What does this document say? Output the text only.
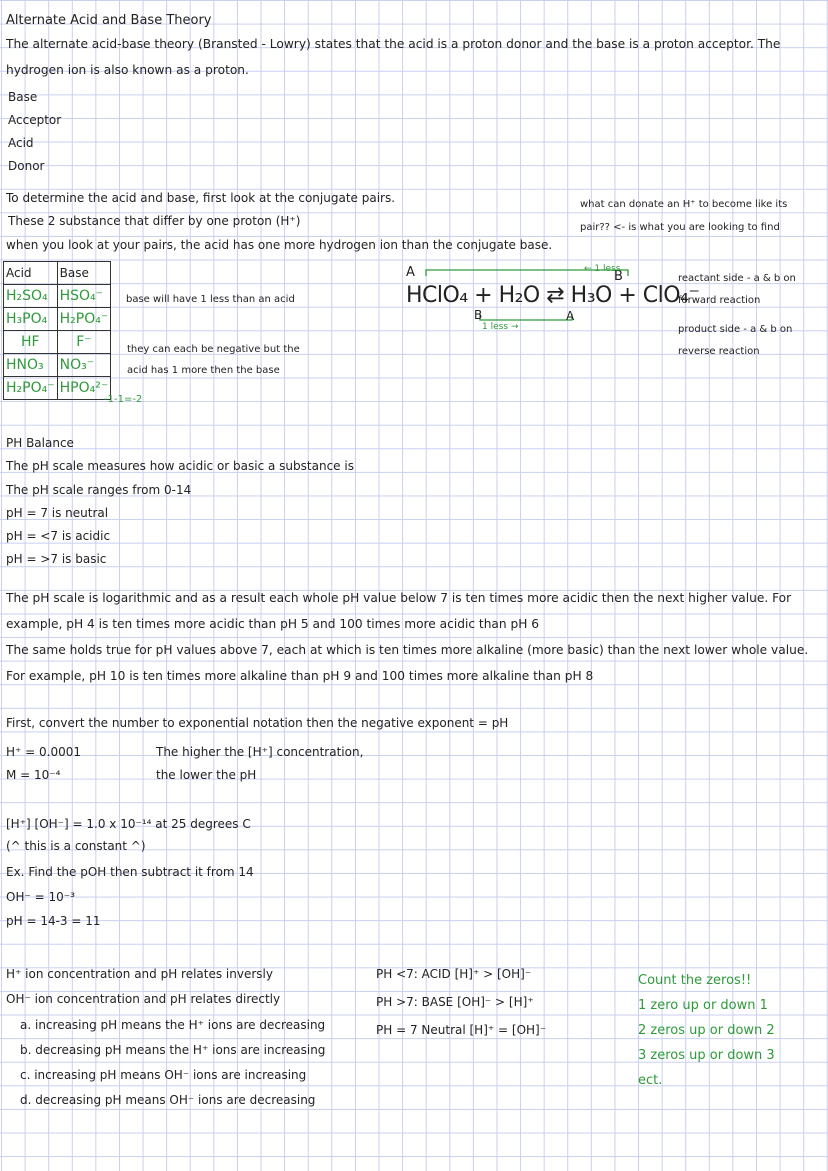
Alternate Acid and Base Theory
The alternate acid-base theory (Bransted - Lowry) states that the acid is a proton donor and the base is a proton acceptor. The hydrogen ion is also known as a proton.
Base
Acceptor
Acid
Donor
To determine the acid and base, first look at the conjugate pairs.
These 2 substance that differ by one proton (H⁺)
when you look at your pairs, the acid has one more hydrogen ion than the conjugate base.
what can donate an H⁺ to become like its
pair?? <- is what you are looking to find
Acid	Base
H₂SO₄	HSO₄⁻
H₃PO₄	H₂PO₄⁻
HF	F⁻
HNO₃	NO₃⁻
H₂PO₄⁻	HPO₄²⁻
-1-1=-2
base will have 1 less than an acid
they can each be negative but the
acid has 1 more then the base
A	B
← 1 less
HClO₄ + H₂O ⇄ H₃O + ClO₄⁻
B	A
1 less →
reactant side - a & b on
forward reaction
product side - a & b on
reverse reaction
PH Balance
The pH scale measures how acidic or basic a substance is
The pH scale ranges from 0-14
pH = 7 is neutral
pH = <7 is acidic
pH = >7 is basic
The pH scale is logarithmic and as a result each whole pH value below 7 is ten times more acidic then the next higher value. For example, pH 4 is ten times more acidic than pH 5 and 100 times more acidic than pH 6
The same holds true for pH values above 7, each at which is ten times more alkaline (more basic) than the next lower whole value. For example, pH 10 is ten times more alkaline than pH 9 and 100 times more alkaline than pH 8
First, convert the number to exponential notation then the negative exponent = pH
H⁺ = 0.0001
M = 10⁻⁴
The higher the [H⁺] concentration,
the lower the pH
[H⁺] [OH⁻] = 1.0 x 10⁻¹⁴ at 25 degrees C
(^ this is a constant ^)
Ex. Find the pOH then subtract it from 14
OH⁻ = 10⁻³
pH = 14-3 = 11
H⁺ ion concentration and pH relates inversly
OH⁻ ion concentration and pH relates directly
a. increasing pH means the H⁺ ions are decreasing
b. decreasing pH means the H⁺ ions are increasing
c. increasing pH means OH⁻ ions are increasing
d. decreasing pH means OH⁻ ions are decreasing
PH <7: ACID [H]⁺ > [OH]⁻
PH >7: BASE [OH]⁻ > [H]⁺
PH = 7 Neutral [H]⁺ = [OH]⁻
Count the zeros!!
1 zero up or down 1
2 zeros up or down 2
3 zeros up or down 3
ect.
